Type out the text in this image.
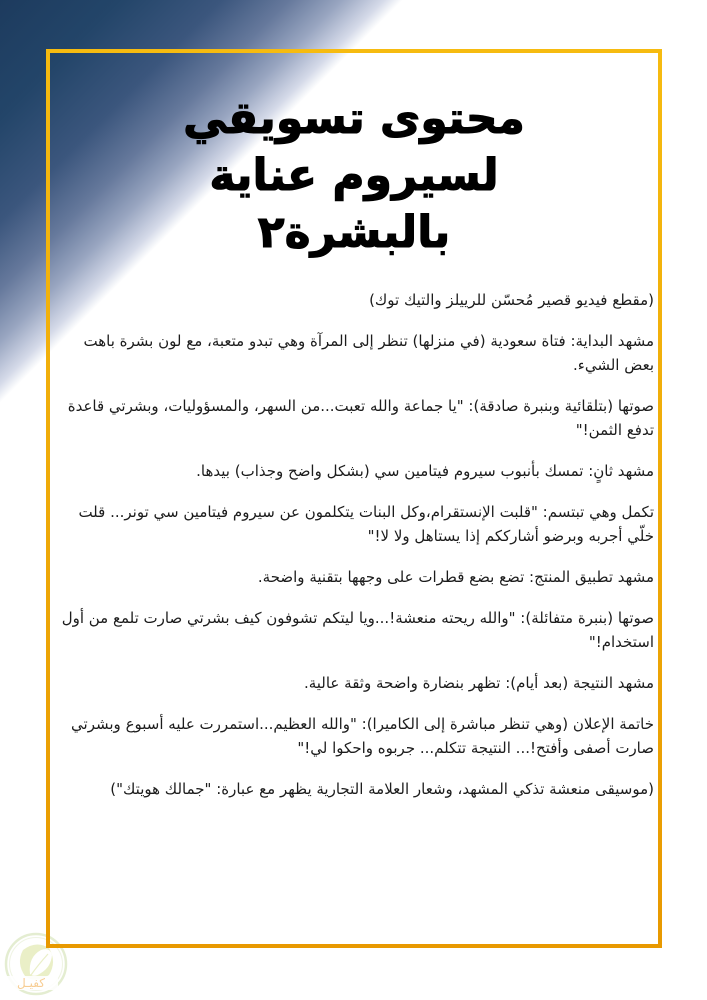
محتوى تسويقي
لسيروم عناية
بالبشرة٢

(مقطع فيديو قصير مُحسّن للرييلز والتيك توك)

مشهد البداية: فتاة سعودية (في منزلها) تنظر إلى المرآة وهي تبدو متعبة، مع لون بشرة باهت بعض الشيء.

صوتها (بتلقائية وبنبرة صادقة): "يا جماعة والله تعبت...من السهر، والمسؤوليات، وبشرتي قاعدة تدفع الثمن!"

مشهد ثانٍ: تمسك بأنبوب سيروم فيتامين سي (بشكل واضح وجذاب) بيدها.

تكمل وهي تبتسم: "قلبت الإنستقرام،وكل البنات يتكلمون عن سيروم فيتامين سي تونر... قلت خلّي أجربه وبرضو أشارككم إذا يستاهل ولا لا!"

مشهد تطبيق المنتج: تضع بضع قطرات على وجهها بتقنية واضحة.

صوتها (بنبرة متفائلة): "والله ريحته منعشة!...ويا ليتكم تشوفون كيف بشرتي صارت تلمع من أول استخدام!"

مشهد النتيجة (بعد أيام): تظهر بنضارة واضحة وثقة عالية.

خاتمة الإعلان (وهي تنظر مباشرة إلى الكاميرا): "والله العظيم...استمررت عليه أسبوع وبشرتي صارت أصفى وأفتح!... النتيجة تتكلم... جربوه واحكوا لي!"

(موسيقى منعشة تذكي المشهد، وشعار العلامة التجارية يظهر مع عبارة: "جمالك هويتك")

كفيـل
